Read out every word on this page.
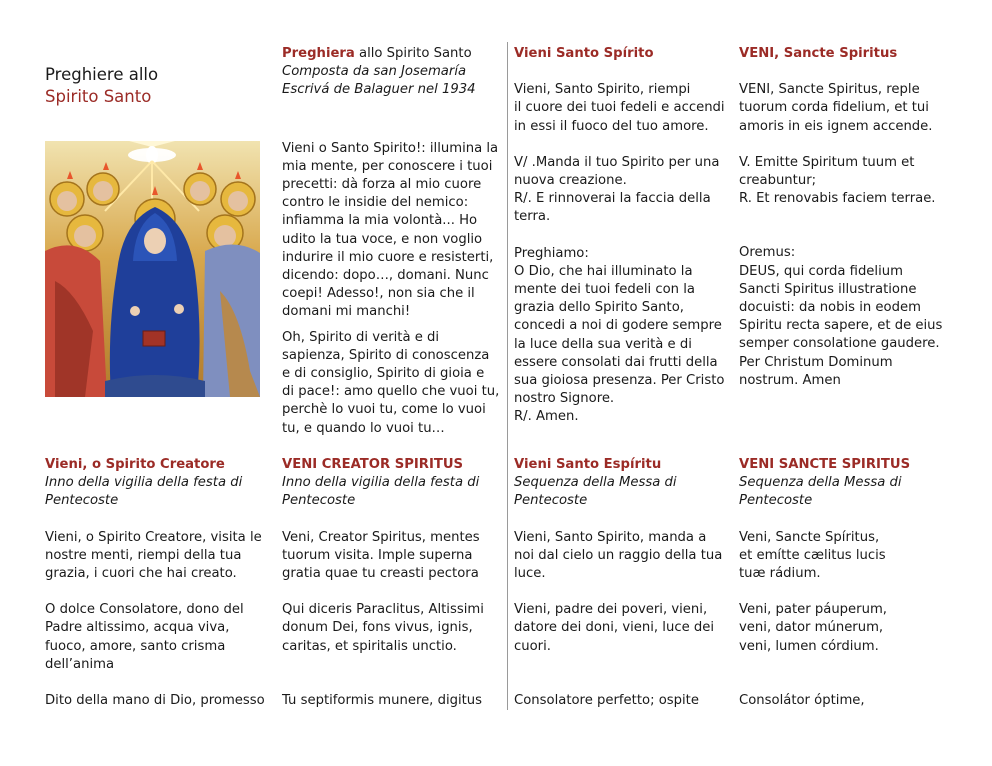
Preghiere allo
Spirito Santo

Preghiera allo Spirito Santo

Composta da san Josemaría

Escrivá de Balaguer nel 1934

Vieni o Santo Spirito!: illumina la

mia mente, per conoscere i tuoi

precetti: dà forza al mio cuore

contro le insidie del nemico:

infiamma la mia volontà... Ho

udito la tua voce, e non voglio

indurire il mio cuore e resisterti,

dicendo: dopo…, domani. Nunc

coepi! Adesso!, non sia che il

domani mi manchi!

Oh, Spirito di verità e di

sapienza, Spirito di conoscenza

e di consiglio, Spirito di gioia e

di pace!: amo quello che vuoi tu,

perchè lo vuoi tu, come lo vuoi

tu, e quando lo vuoi tu…

Vieni Santo Spírito

Vieni, Santo Spirito, riempi

il cuore dei tuoi fedeli e accendi

in essi il fuoco del tuo amore.

V/ .Manda il tuo Spirito per una

nuova creazione.

R/. E rinnoverai la faccia della

terra.

Preghiamo:

O Dio, che hai illuminato la

mente dei tuoi fedeli con la

grazia dello Spirito Santo,

concedi a noi di godere sempre

la luce della sua verità e di

essere consolati dai frutti della

sua gioiosa presenza. Per Cristo

nostro Signore.

R/. Amen.

VENI, Sancte Spiritus

VENI, Sancte Spiritus, reple

tuorum corda fidelium, et tui

amoris in eis ignem accende.

V. Emitte Spiritum tuum et

creabuntur;

R. Et renovabis faciem terrae.

Oremus:

DEUS, qui corda fidelium

Sancti Spiritus illustratione

docuisti: da nobis in eodem

Spiritu recta sapere, et de eius

semper consolatione gaudere.

Per Christum Dominum

nostrum. Amen

Vieni, o Spirito Creatore

Inno della vigilia della festa di

Pentecoste

Vieni, o Spirito Creatore, visita le

nostre menti, riempi della tua

grazia, i cuori che hai creato.

O dolce Consolatore, dono del

Padre altissimo, acqua viva,

fuoco, amore, santo crisma

dell’anima

Dito della mano di Dio, promesso

VENI CREATOR SPIRITUS

Inno della vigilia della festa di

Pentecoste

Veni, Creator Spiritus, mentes

tuorum visita. Imple superna

gratia quae tu creasti pectora

Qui diceris Paraclitus, Altissimi

donum Dei, fons vivus, ignis,

caritas, et spiritalis unctio.

Tu septiformis munere, digitus

Vieni Santo Espíritu

Sequenza della Messa di

Pentecoste

Vieni, Santo Spirito, manda a

noi dal cielo un raggio della tua

luce.

Vieni, padre dei poveri, vieni,

datore dei doni, vieni, luce dei

cuori.

Consolatore perfetto; ospite

VENI SANCTE SPIRITUS

Sequenza della Messa di

Pentecoste

Veni, Sancte Spíritus,

et emítte cælitus lucis

tuæ rádium.

Veni, pater páuperum,

veni, dator múnerum,

veni, lumen córdium.

Consolátor óptime,
